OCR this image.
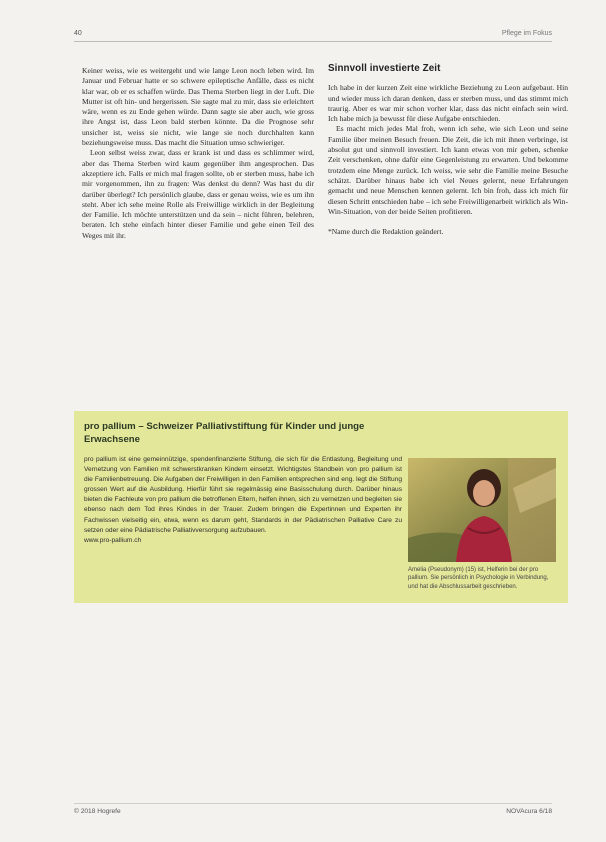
40	Pflege im Fokus

Keiner weiss, wie es weitergeht und wie lange Leon noch leben wird. Im Januar und Februar hatte er so schwere epileptische Anfälle, dass es nicht klar war, ob er es schaffen würde. Das Thema Sterben liegt in der Luft. Die Mutter ist oft hin- und hergerissen. Sie sagte mal zu mir, dass sie erleichtert wäre, wenn es zu Ende gehen würde. Dann sagte sie aber auch, wie gross ihre Angst ist, dass Leon bald sterben könnte. Da die Prognose sehr unsicher ist, weiss sie nicht, wie lange sie noch durchhalten kann beziehungsweise muss. Das macht die Situation umso schwieriger.

Leon selbst weiss zwar, dass er krank ist und dass es schlimmer wird, aber das Thema Sterben wird kaum gegenüber ihm angesprochen. Das akzeptiere ich. Falls er mich mal fragen sollte, ob er sterben muss, habe ich mir vorgenommen, ihn zu fragen: Was denkst du denn? Was hast du dir darüber überlegt? Ich persönlich glaube, dass er genau weiss, wie es um ihn steht. Aber ich sehe meine Rolle als Freiwillige wirklich in der Begleitung der Familie. Ich möchte unterstützen und da sein – nicht führen, belehren, beraten. Ich stehe einfach hinter dieser Familie und gehe einen Teil des Weges mit ihr.

Sinnvoll investierte Zeit

Ich habe in der kurzen Zeit eine wirkliche Beziehung zu Leon aufgebaut. Hin und wieder muss ich daran denken, dass er sterben muss, und das stimmt mich traurig. Aber es war mir schon vorher klar, dass das nicht einfach sein wird. Ich habe mich ja bewusst für diese Aufgabe entschieden.

Es macht mich jedes Mal froh, wenn ich sehe, wie sich Leon und seine Familie über meinen Besuch freuen. Die Zeit, die ich mit ihnen verbringe, ist absolut gut und sinnvoll investiert. Ich kann etwas von mir geben, schenke Zeit verschenken, ohne dafür eine Gegenleistung zu erwarten. Und bekomme trotzdem eine Menge zurück. Ich weiss, wie sehr die Familie meine Besuche schätzt. Darüber hinaus habe ich viel Neues gelernt, neue Erfahrungen gemacht und neue Menschen kennen gelernt. Ich bin froh, dass ich mich für diesen Schritt entschieden habe – ich sehe Freiwilligenarbeit wirklich als Win-Win-Situation, von der beide Seiten profitieren.

*Name durch die Redaktion geändert.

pro pallium – Schweizer Palliativstiftung für Kinder und junge Erwachsene
pro pallium ist eine gemeinnützige, spendenfinanzierte Stiftung, die sich für die Entlastung, Begleitung und Vernetzung von Familien mit schwerstkranken Kindern einsetzt. Wichtigstes Standbein von pro pallium ist die Familienbetreuung. Die Aufgaben der Freiwilligen in den Familien entsprechen sind eng. legt die Stiftung grossen Wert auf die Ausbildung. Hierfür führt sie regelmässig eine Basisschulung durch. Darüber hinaus bieten die Fachleute von pro pallium die betroffenen Eltern, helfen ihnen, sich zu vernetzen und begleiten sie ebenso nach dem Tod ihres Kindes in der Trauer. Zudem bringen die Expertinnen und Experten ihr Fachwissen vielseitig ein, etwa, wenn es darum geht, Standards in der Pädiatrischen Palliative Care zu setzen oder eine Pädiatrische Palliativversorgung aufzubauen.
www.pro-pallium.ch
Amelia (Pseudonym) (15) ist, Helferin bei der pro pallium. Sie persönlich in Psychologie in Verbindung, und hat die Abschlussarbeit geschrieben.
© 2018 Hogrefe	NOVAcura 6/18
